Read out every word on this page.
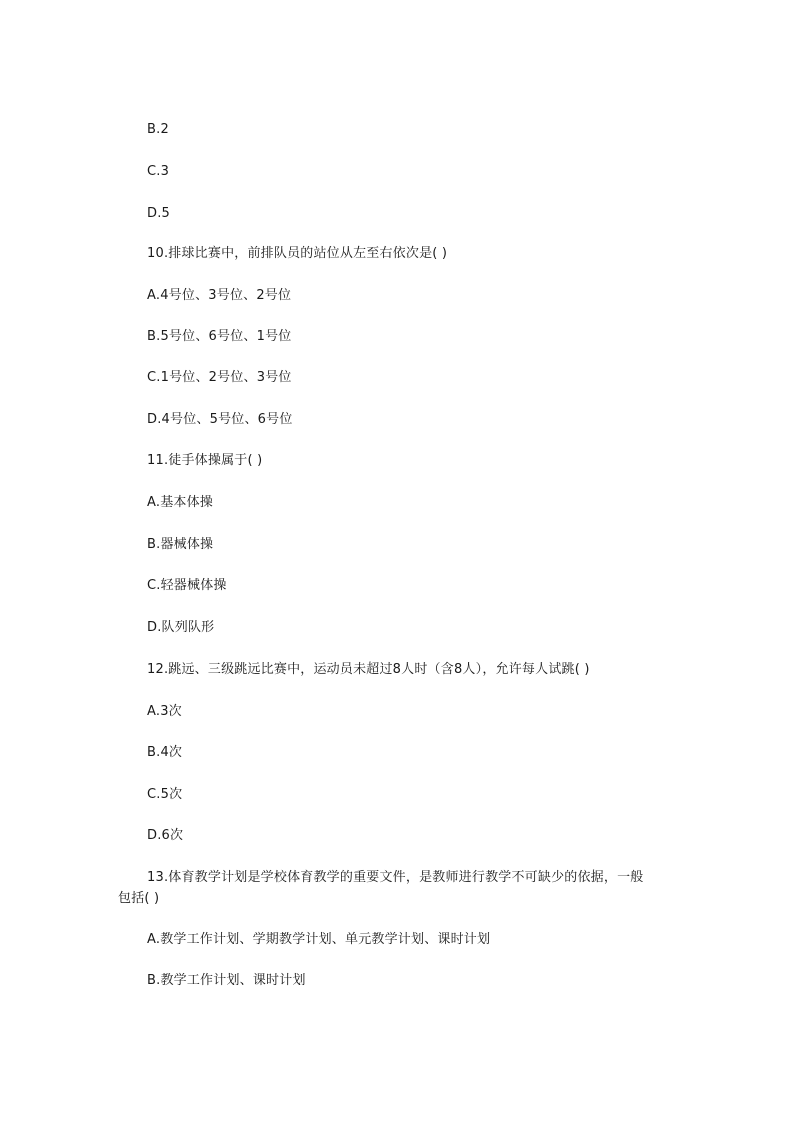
B.2
C.3
D.5
10.排球比赛中，前排队员的站位从左至右依次是( )
A.4号位、3号位、2号位
B.5号位、6号位、1号位
C.1号位、2号位、3号位
D.4号位、5号位、6号位
11.徒手体操属于( )
A.基本体操
B.器械体操
C.轻器械体操
D.队列队形
12.跳远、三级跳远比赛中，运动员未超过8人时（含8人），允许每人试跳( )
A.3次
B.4次
C.5次
D.6次
13.体育教学计划是学校体育教学的重要文件，是教师进行教学不可缺少的依据，一般
包括( )
A.教学工作计划、学期教学计划、单元教学计划、课时计划
B.教学工作计划、课时计划
